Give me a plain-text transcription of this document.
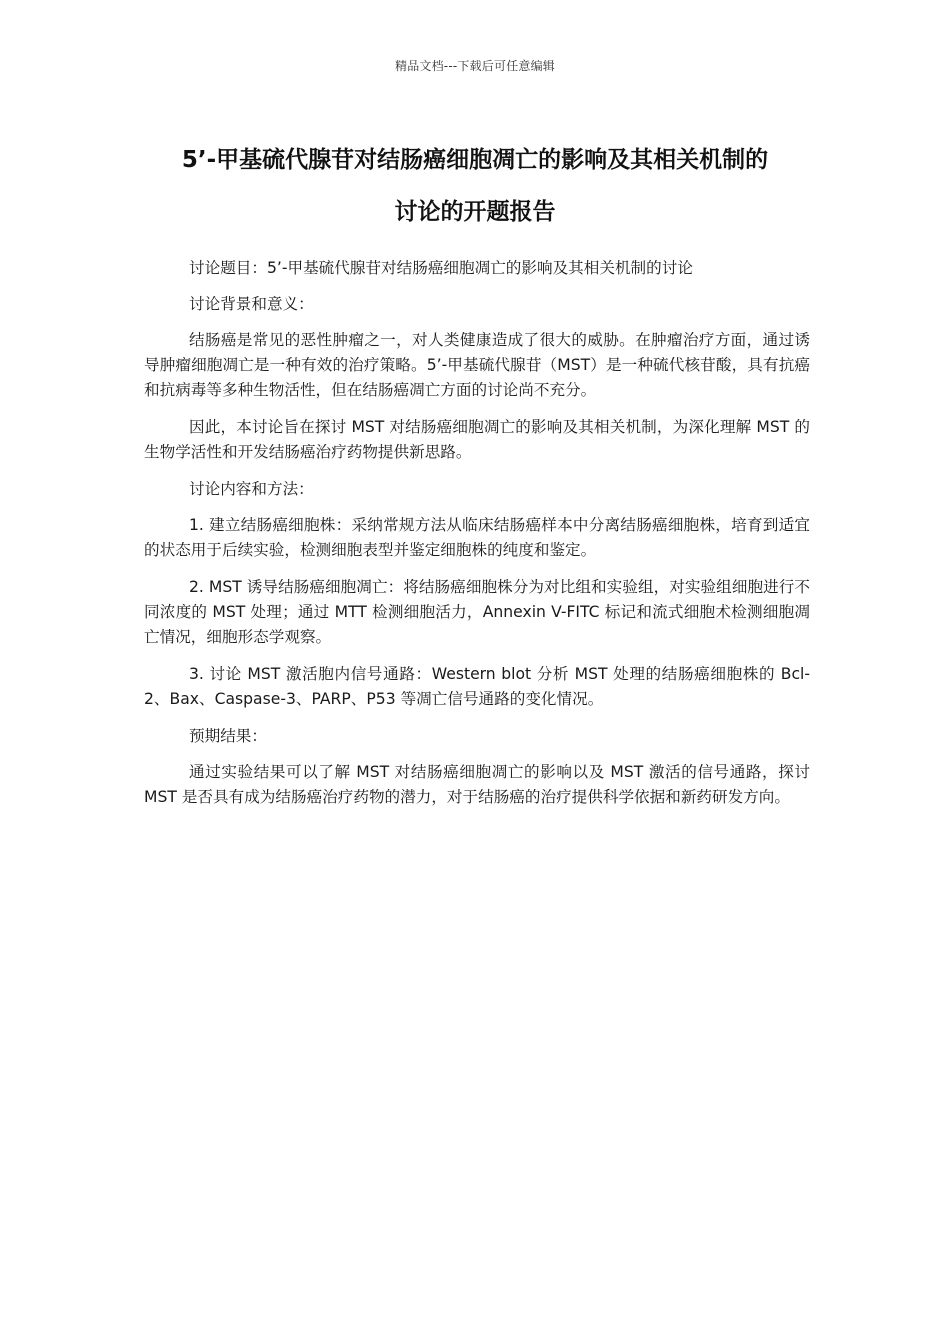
精品文档---下载后可任意编辑
5’-甲基硫代腺苷对结肠癌细胞凋亡的影响及其相关机制的
讨论的开题报告

讨论题目：5’-甲基硫代腺苷对结肠癌细胞凋亡的影响及其相关机制的讨论

讨论背景和意义：

结肠癌是常见的恶性肿瘤之一，对人类健康造成了很大的威胁。在肿瘤治疗方面，通过诱导肿瘤细胞凋亡是一种有效的治疗策略。5’-甲基硫代腺苷（MST）是一种硫代核苷酸，具有抗癌和抗病毒等多种生物活性，但在结肠癌凋亡方面的讨论尚不充分。

因此，本讨论旨在探讨 MST 对结肠癌细胞凋亡的影响及其相关机制，为深化理解 MST 的生物学活性和开发结肠癌治疗药物提供新思路。

讨论内容和方法：

1. 建立结肠癌细胞株：采纳常规方法从临床结肠癌样本中分离结肠癌细胞株，培育到适宜的状态用于后续实验，检测细胞表型并鉴定细胞株的纯度和鉴定。

2. MST 诱导结肠癌细胞凋亡：将结肠癌细胞株分为对比组和实验组，对实验组细胞进行不同浓度的 MST 处理；通过 MTT 检测细胞活力，Annexin V-FITC 标记和流式细胞术检测细胞凋亡情况，细胞形态学观察。

3. 讨论 MST 激活胞内信号通路：Western blot 分析 MST 处理的结肠癌细胞株的 Bcl-2、Bax、Caspase-3、PARP、P53 等凋亡信号通路的变化情况。

预期结果：

通过实验结果可以了解 MST 对结肠癌细胞凋亡的影响以及 MST 激活的信号通路，探讨 MST 是否具有成为结肠癌治疗药物的潜力，对于结肠癌的治疗提供科学依据和新药研发方向。
